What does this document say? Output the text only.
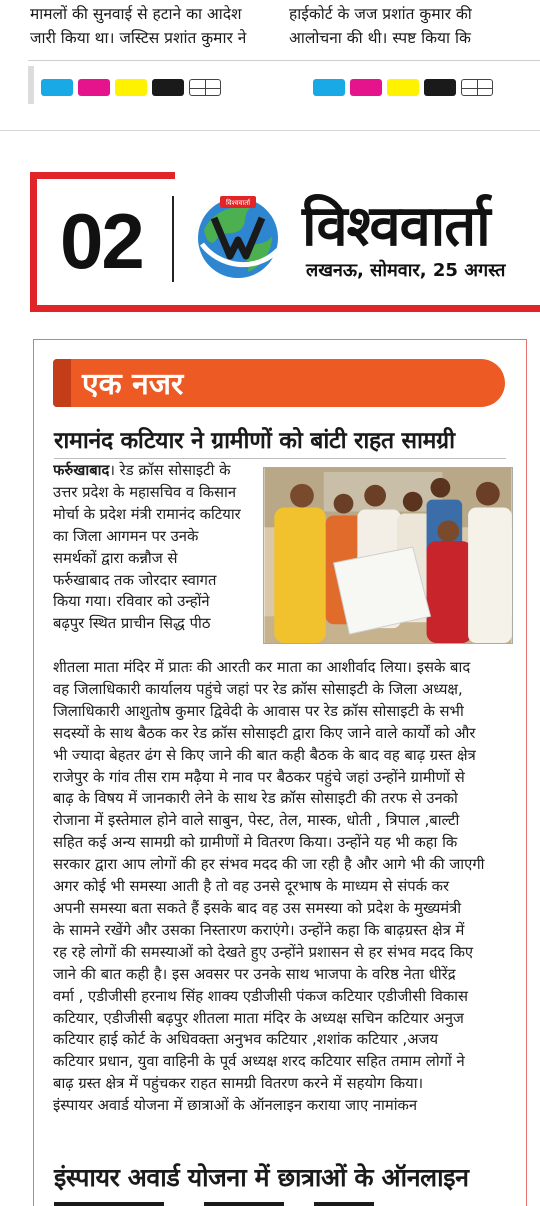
मामलों की सुनवाई से हटाने का आदेश
जारी किया था। जस्टिस प्रशांत कुमार ने
हाईकोर्ट के जज प्रशांत कुमार की
आलोचना की थी। स्पष्ट किया कि
02	विश्ववार्ता विश्ववार्ता
लखनऊ, सोमवार, 25 अगस्त
एक नजर
रामानंद कटियार ने ग्रामीणों को बांटी राहत सामग्री
फर्रुखाबाद। रेड क्रॉस सोसाइटी के
उत्तर प्रदेश के महासचिव व किसान
मोर्चा के प्रदेश मंत्री रामानंद कटियार
का जिला आगमन पर उनके
समर्थकों द्वारा कन्नौज से
फर्रुखाबाद तक जोरदार स्वागत
किया गया। रविवार को उन्होंने
बढ़पुर स्थित प्राचीन सिद्ध पीठ
शीतला माता मंदिर में प्रातः की आरती कर माता का आशीर्वाद लिया। इसके बाद
वह जिलाधिकारी कार्यालय पहुंचे जहां पर रेड क्रॉस सोसाइटी के जिला अध्यक्ष,
जिलाधिकारी आशुतोष कुमार द्विवेदी के आवास पर रेड क्रॉस सोसाइटी के सभी
सदस्यों के साथ बैठक कर रेड क्रॉस सोसाइटी द्वारा किए जाने वाले कार्यों को और
भी ज्यादा बेहतर ढंग से किए जाने की बात कही बैठक के बाद वह बाढ़ ग्रस्त क्षेत्र
राजेपुर के गांव तीस राम मढ़ैया मे नाव पर बैठकर पहुंचे जहां उन्होंने ग्रामीणों से
बाढ़ के विषय में जानकारी लेने के साथ रेड क्रॉस सोसाइटी की तरफ से उनको
रोजाना में इस्तेमाल होने वाले साबुन, पेस्ट, तेल, मास्क, धोती , त्रिपाल ,बाल्टी
सहित कई अन्य सामग्री को ग्रामीणों मे वितरण किया। उन्होंने यह भी कहा कि
सरकार द्वारा आप लोगों की हर संभव मदद की जा रही है और आगे भी की जाएगी
अगर कोई भी समस्या आती है तो वह उनसे दूरभाष के माध्यम से संपर्क कर
अपनी समस्या बता सकते हैं इसके बाद वह उस समस्या को प्रदेश के मुख्यमंत्री
के सामने रखेंगे और उसका निस्तारण कराएंगे। उन्होंने कहा कि बाढ़ग्रस्त क्षेत्र में
रह रहे लोगों की समस्याओं को देखते हुए उन्होंने प्रशासन से हर संभव मदद किए
जाने की बात कही है। इस अवसर पर उनके साथ भाजपा के वरिष्ठ नेता धीरेंद्र
वर्मा , एडीजीसी हरनाथ सिंह शाक्य एडीजीसी पंकज कटियार एडीजीसी विकास
कटियार, एडीजीसी बढ़पुर शीतला माता मंदिर के अध्यक्ष सचिन कटियार अनुज
कटियार हाई कोर्ट के अधिवक्ता अनुभव कटियार ,शशांक कटियार ,अजय
कटियार प्रधान, युवा वाहिनी के पूर्व अध्यक्ष शरद कटियार सहित तमाम लोगों ने
बाढ़ ग्रस्त क्षेत्र में पहुंचकर राहत सामग्री वितरण करने में सहयोग किया।
इंस्पायर अवार्ड योजना में छात्राओं के ऑनलाइन कराया जाए नामांकन
इंस्पायर अवार्ड योजना में छात्राओं के ऑनलाइन
